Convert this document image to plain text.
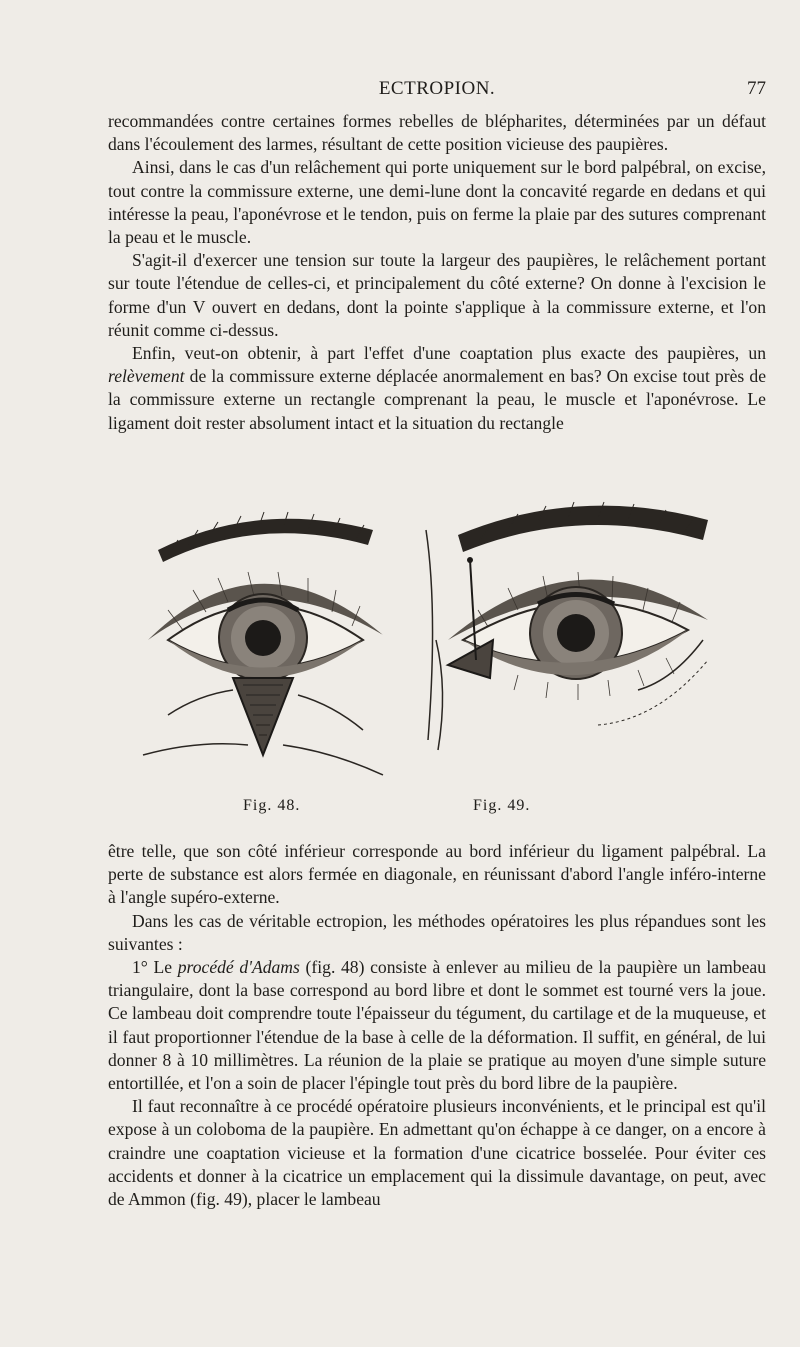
ECTROPION.	77

recommandées contre certaines formes rebelles de blépharites, déterminées par un défaut dans l'écoulement des larmes, résultant de cette position vicieuse des paupières.

Ainsi, dans le cas d'un relâchement qui porte uniquement sur le bord palpébral, on excise, tout contre la commissure externe, une demi-lune dont la concavité regarde en dedans et qui intéresse la peau, l'aponévrose et le tendon, puis on ferme la plaie par des sutures comprenant la peau et le muscle.

S'agit-il d'exercer une tension sur toute la largeur des paupières, le relâchement portant sur toute l'étendue de celles-ci, et principalement du côté externe? On donne à l'excision le forme d'un V ouvert en dedans, dont la pointe s'applique à la commissure externe, et l'on réunit comme ci-dessus.

Enfin, veut-on obtenir, à part l'effet d'une coaptation plus exacte des paupières, un relèvement de la commissure externe déplacée anormalement en bas? On excise tout près de la commissure externe un rectangle comprenant la peau, le muscle et l'aponévrose. Le ligament doit rester absolument intact et la situation du rectangle

Fig. 48.	Fig. 49.

être telle, que son côté inférieur corresponde au bord inférieur du ligament palpébral. La perte de substance est alors fermée en diagonale, en réunissant d'abord l'angle inféro-interne à l'angle supéro-externe.

Dans les cas de véritable ectropion, les méthodes opératoires les plus répandues sont les suivantes :

1° Le procédé d'Adams (fig. 48) consiste à enlever au milieu de la paupière un lambeau triangulaire, dont la base correspond au bord libre et dont le sommet est tourné vers la joue. Ce lambeau doit comprendre toute l'épaisseur du tégument, du cartilage et de la muqueuse, et il faut proportionner l'étendue de la base à celle de la déformation. Il suffit, en général, de lui donner 8 à 10 millimètres. La réunion de la plaie se pratique au moyen d'une simple suture entortillée, et l'on a soin de placer l'épingle tout près du bord libre de la paupière.

Il faut reconnaître à ce procédé opératoire plusieurs inconvénients, et le principal est qu'il expose à un coloboma de la paupière. En admettant qu'on échappe à ce danger, on a encore à craindre une coaptation vicieuse et la formation d'une cicatrice bosselée. Pour éviter ces accidents et donner à la cicatrice un emplacement qui la dissimule davantage, on peut, avec de Ammon (fig. 49), placer le lambeau
